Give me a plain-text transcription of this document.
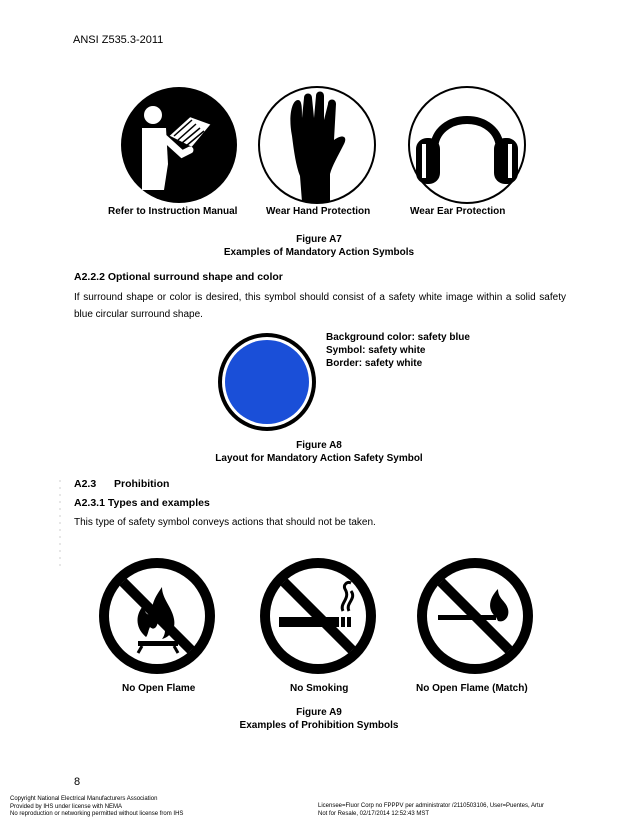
ANSI Z535.3-2011
Refer to Instruction Manual	Wear Hand Protection	Wear Ear Protection
Figure A7
Examples of Mandatory Action Symbols
A2.2.2 Optional surround shape and color
If surround shape or color is desired, this symbol should consist of a safety white image within a solid safety blue circular surround shape.
Background color: safety blue
Symbol: safety white
Border: safety white
Figure A8
Layout for Mandatory Action Safety Symbol
A2.3 Prohibition
A2.3.1 Types and examples
This type of safety symbol conveys actions that should not be taken.
No Open Flame	No Smoking	No Open Flame (Match)
Figure A9
Examples of Prohibition Symbols
8
Copyright National Electrical Manufacturers Association
Provided by IHS under license with NEMA
No reproduction or networking permitted without license from IHS
Licensee=Fluor Corp no FPPPV per administrator /2110503106, User=Puentes, Artur
Not for Resale, 02/17/2014 12:52:43 MST
